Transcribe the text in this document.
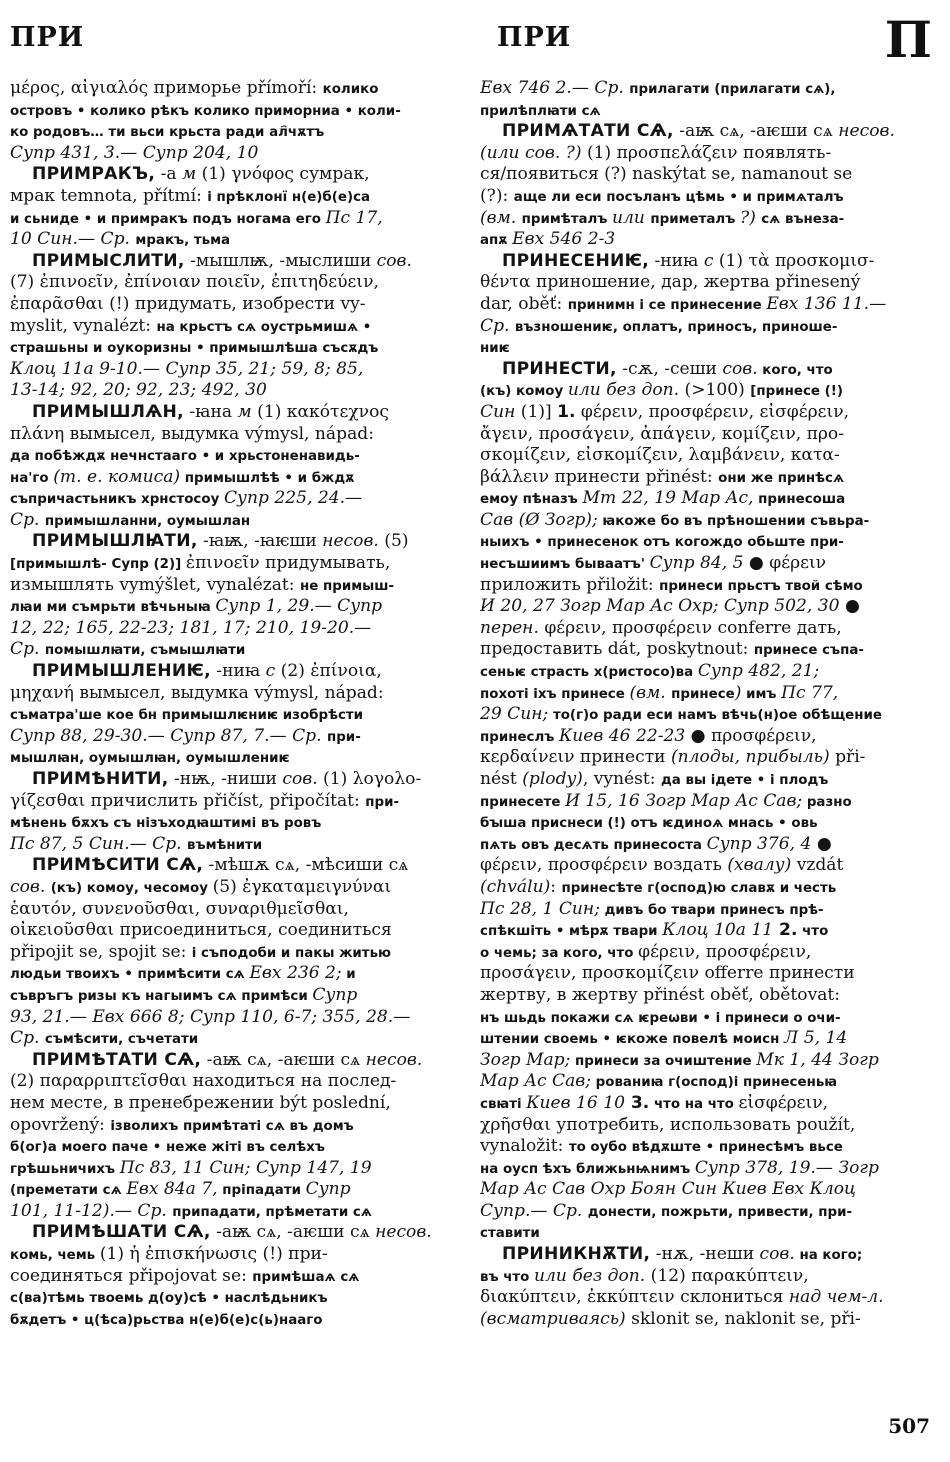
ПРИ	ПРИ	П
μέρος, αἰγιαλός приморье přímoří: колико
островъ • колико рѣкъ колико приморниа • коли-
ко родовъ… ти вьси крьста ради ал҄чѫтъ
Супр 431, 3.— Супр 204, 10
ПРИМРАКЪ, -а м (1) γνόφος сумрак,
мрак temnota, přítmí: і прѣклонї н(е)б(е)са
и сьниде • и примракъ подъ ногама его Пс 17,
10 Син.— Ср. мракъ, тьма
ПРИМЫСЛИТИ, -мышлѭ, -мыслиши сов.
(7) ἐπινοεῖν, ἐπίνοιαν ποιεῖν, ἐπιτηδεύειν,
ἐπαρᾶσθαι (!) придумать, изобрести vy-
myslit, vynalézt: на крьстъ сѧ оустрьмишѧ •
страшьны и оукоризны • примышлѣша съсѫдъ
Клоц 11а 9-10.— Супр 35, 21; 59, 8; 85,
13-14; 92, 20; 92, 23; 492, 30
ПРИМЫШЛѦН, -ꙗна м (1) κακότεχνος
πλάνη вымысел, выдумка výmysl, nápad:
да побѣждѫ нечнстааго • и хрьстоненавидь-
на'го (т. е. комиса) примышлѣѣ • и бждѫ
съпричастьникъ хрнстосоу Супр 225, 24.—
Ср. примышланни, оумышлан
ПРИМЫШЛꙖТИ, -ꙗѭ, -ꙗѥши несов. (5)
[примышлѣ- Супр (2)] ἐπινοεῖν придумывать,
измышлять vymýšlet, vynalézat: не примыш-
лꙗи ми съмрьти вѣчьныꙗ Супр 1, 29.— Супр
12, 22; 165, 22-23; 181, 17; 210, 19-20.—
Ср. помышлꙗти, съмышлꙗти
ПРИМЫШЛЕНИѤ, -ниꙗ с (2) ἐπίνοια,
μηχανή вымысел, выдумка výmysl, nápad:
съматра'ше кое бн примышлѥниѥ изобрѣсти
Супр 88, 29-30.— Супр 87, 7.— Ср. при-
мышлꙗн, оумышлꙗн, оумышлениѥ
ПРИМѢНИТИ, -нѭ, -ниши сов. (1) λογολο-
γίζεσθαι причислить přičíst, připočítat: при-
мѣнень бѫхъ съ нізъходꙗштимі въ ровъ
Пс 87, 5 Син.— Ср. въмѣнити
ПРИМѢСИТИ СѦ, -мѣшѫ сѧ, -мѣсиши сѧ
сов. (къ) комоу, чесомоу (5) ἐγκαταμειγνύναι
ἑαυτόν, συνενοῦσθαι, συναριθμεῖσθαι,
οἰκειοῦσθαι присоединиться, соединиться
připojit se, spojit se: і съподоби и пакы житью
людьи твоихъ • примѣсити сѧ Евх 236 2; и
съвръгъ ризы къ нагыимъ сѧ примѣси Супр
93, 21.— Евх 666 8; Супр 110, 6-7; 355, 28.—
Ср. съмѣсити, съчетати
ПРИМѢТАТИ СѦ, -аѭ сѧ, -аѥши сѧ несов.
(2) παραρριπτεῖσθαι находиться на послед-
нем месте, в пренебрежении být poslední,
opovržený: ізволихъ примѣтаті сѧ въ домъ
б(ог)а моего паче • неже жіті въ селѣхъ
грѣшьничихъ Пс 83, 11 Син; Супр 147, 19
(преметати сѧ Евх 84а 7, пріпадати Супр
101, 11-12).— Ср. припадати, прѣметати сѧ
ПРИМѢШАТИ СѦ, -аѭ сѧ, -аѥши сѧ несов.
комь, чемь (1) ἡ ἐπισκήνωσις (!) при-
соединяться připojovat se: примѣшаѧ сѧ
с(ва)тѣмь твоемь д(оу)сѣ • наслѣдьникъ
бѫдетъ • ц(ѣса)рьства н(е)б(е)с(ь)нааго
Евх 746 2.— Ср. прилагати (прилагати сѧ),
прилѣплꙗти сѧ
ПРИМѦТАТИ СѦ, -аѭ сѧ, -аѥши сѧ несов.
(или сов. ?) (1) προσπελάζειν появлять-
ся/появиться (?) naskýtat se, namanout se
(?): аще ли еси посъланъ цѣмь • и примѧталъ
(вм. примѣталъ или приметалъ ?) сѧ вънеза-
апѫ Евх 546 2-3
ПРИНЕСЕНИѤ, -ниꙗ с (1) τὰ προσκομισ-
θέντα приношение, дар, жертва přinesený
dar, oběť: принимн і се принесение Евх 136 11.—
Ср. възношениѥ, оплатъ, приносъ, приноше-
ниѥ
ПРИНЕСТИ, -сѫ, -сеши сов. кого, что
(къ) комоу или без доп. (>100) [принесе (!)
Син (1)] 1. φέρειν, προσφέρειν, εἰσφέρειν,
ἄγειν, προσάγειν, ἀπάγειν, κομίζειν, προ-
σκομίζειν, εἰσκομίζειν, λαμβάνειν, κατα-
βάλλειν принести přinést: они же принѣсѧ
емоу пѣназъ Мт 22, 19 Мар Ас, принесоша
Сав (Ø Зогр); ꙗкоже бо въ прѣношении съвьра-
ныихъ • принесенок отъ когождо обьште при-
несъшиимъ бываатъ' Супр 84, 5 ● φέρειν
приложить přiložit: принеси прьстъ твой сѣмо
И 20, 27 Зогр Мар Ас Охр; Супр 502, 30 ●
перен. φέρειν, προσφέρειν conferre дать,
предоставить dát, poskytnout: принесе съпа-
сеньѥ страсть х(ристосо)ва Супр 482, 21;
похоті іхъ принесе (вм. принесе) имъ Пс 77,
29 Син; то(г)о ради еси намъ вѣчь(н)ое обѣщение
принеслъ Киев 46 22-23 ● προσφέρειν,
κερδαίνειν принести (плоды, прибыль) při-
nést (plody), vynést: да вы ідете • і плодъ
принесете И 15, 16 Зогр Мар Ас Сав; разно
бꙑша приснеси (!) отъ ѥдиноѧ мнась • овь
пѧть овъ десѧть принесоста Супр 376, 4 ●
φέρειν, προσφέρειν воздать (хвалу) vzdát
(chválu): принесѣте г(оспод)ю славѫ и честь
Пс 28, 1 Син; дивъ бо твари принесъ прѣ-
спѣкшіть • мѣрѫ твари Клоц 10а 11 2. что
о чемь; за кого, что φέρειν, προσφέρειν,
προσάγειν, προσκομίζειν offerre принести
жертву, в жертву přinést oběť, obětovat:
нъ шьдь покажи сѧ ѥреѡви • і принеси о очи-
штении своемь • ѥкоже повелѣ моисн Л 5, 14
Зогр Мар; принеси за очиштение Мк 1, 44 Зогр
Мар Ас Сав; рованиꙗ г(оспод)і принесеньꙗ
свꙗті Киев 16 10 3. что на что εἰσφέρειν,
χρῆσθαι употребить, использовать použít,
vynaložit: то оубо вѣдѫште • принесѣмъ вьсе
на оусп ѣхъ ближьнѩнимъ Супр 378, 19.— Зогр
Мар Ас Сав Охр Боян Син Киев Евх Клоц
Супр.— Ср. донести, пожрьти, привести, при-
ставити
ПРИНИКНѪТИ, -нѫ, -неши сов. на кого;
въ что или без доп. (12) παρακύπτειν,
διακύπτειν, ἐκκύπτειν склониться над чем-л.
(всматриваясь) sklonit se, naklonit se, při-
507
